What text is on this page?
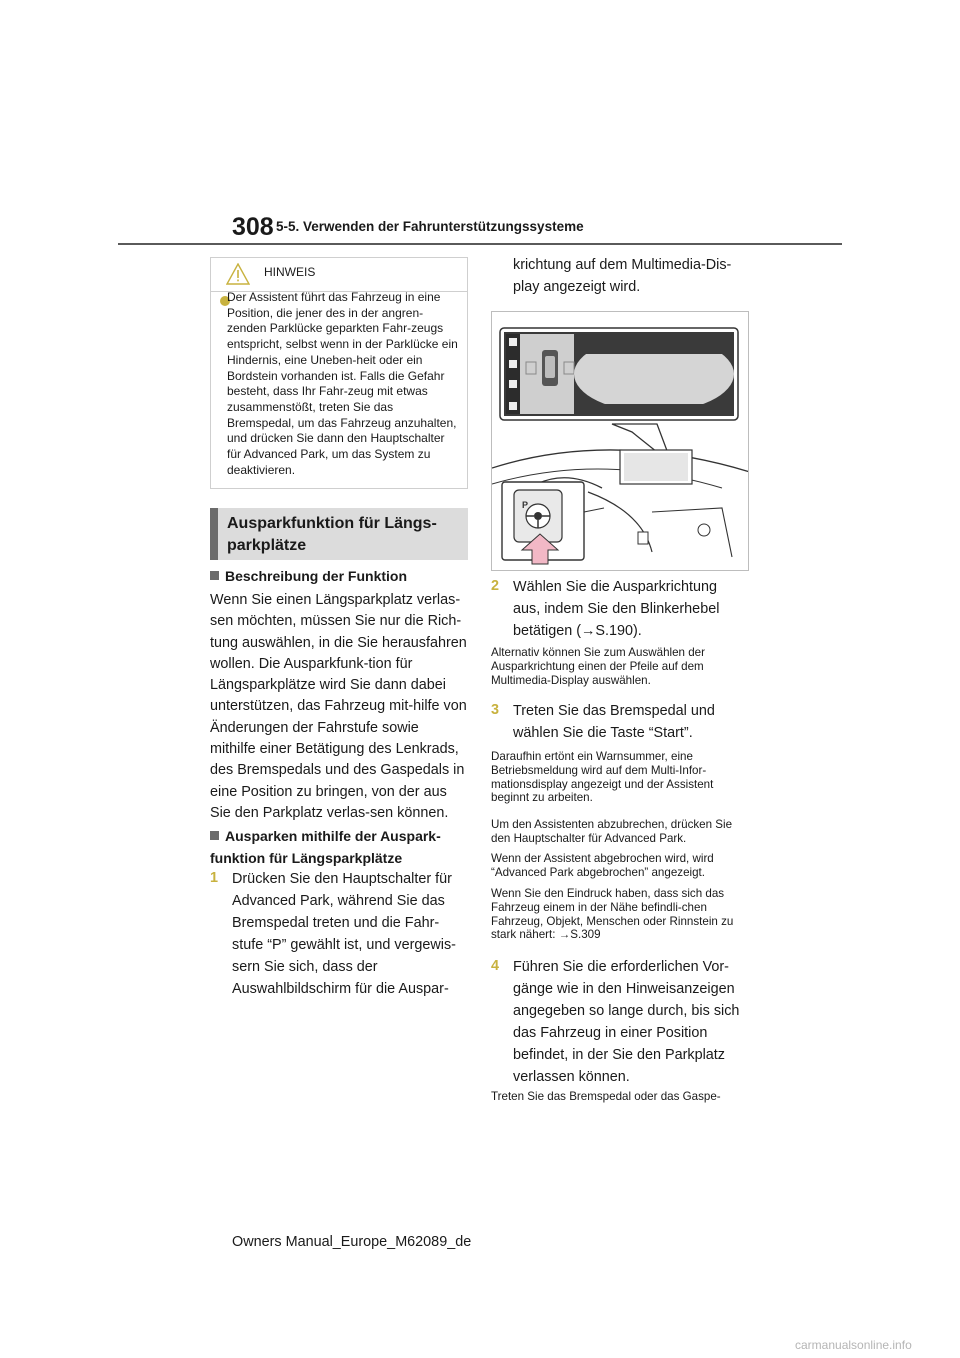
308 5-5. Verwenden der Fahrunterstützungssysteme
HINWEIS

Der Assistent führt das Fahrzeug in eine Position, die jener des in der angren-zenden Parklücke geparkten Fahr-zeugs entspricht, selbst wenn in der Parklücke ein Hindernis, eine Uneben-heit oder ein Bordstein vorhanden ist. Falls die Gefahr besteht, dass Ihr Fahr-zeug mit etwas zusammenstößt, treten Sie das Bremspedal, um das Fahrzeug anzuhalten, und drücken Sie dann den Hauptschalter für Advanced Park, um das System zu deaktivieren.

Ausparkfunktion für Längs-parkplätze
Beschreibung der Funktion

Wenn Sie einen Längsparkplatz verlas-sen möchten, müssen Sie nur die Rich-tung auswählen, in die Sie herausfahren wollen. Die Ausparkfunk-tion für Längsparkplätze wird Sie dann dabei unterstützen, das Fahrzeug mit-hilfe von Änderungen der Fahrstufe sowie mithilfe einer Betätigung des Lenkrads, des Bremspedals und des Gaspedals in eine Position zu bringen, von der aus Sie den Parkplatz verlas-sen können.

Ausparken mithilfe der Auspark-funktion für Längsparkplätze
1 Drücken Sie den Hauptschalter für Advanced Park, während Sie das Bremspedal treten und die Fahr-stufe “P” gewählt ist, und vergewis-sern Sie sich, dass der Auswahlbildschirm für die Auspar-

krichtung auf dem Multimedia-Dis-play angezeigt wird.

P
2 Wählen Sie die Ausparkrichtung aus, indem Sie den Blinkerhebel betätigen (→S.190).

Alternativ können Sie zum Auswählen der Ausparkrichtung einen der Pfeile auf dem Multimedia-Display auswählen.

3 Treten Sie das Bremspedal und wählen Sie die Taste “Start”.

Daraufhin ertönt ein Warnsummer, eine Betriebsmeldung wird auf dem Multi-Infor-mationsdisplay angezeigt und der Assistent beginnt zu arbeiten.

Um den Assistenten abzubrechen, drücken Sie den Hauptschalter für Advanced Park.

Wenn der Assistent abgebrochen wird, wird “Advanced Park abgebrochen” angezeigt.

Wenn Sie den Eindruck haben, dass sich das Fahrzeug einem in der Nähe befindli-chen Fahrzeug, Objekt, Menschen oder Rinnstein zu stark nähert: →S.309

4 Führen Sie die erforderlichen Vor-gänge wie in den Hinweisanzeigen angegeben so lange durch, bis sich das Fahrzeug in einer Position befindet, in der Sie den Parkplatz verlassen können.

Treten Sie das Bremspedal oder das Gaspe-

Owners Manual_Europe_M62089_de
carmanualsonline.info
